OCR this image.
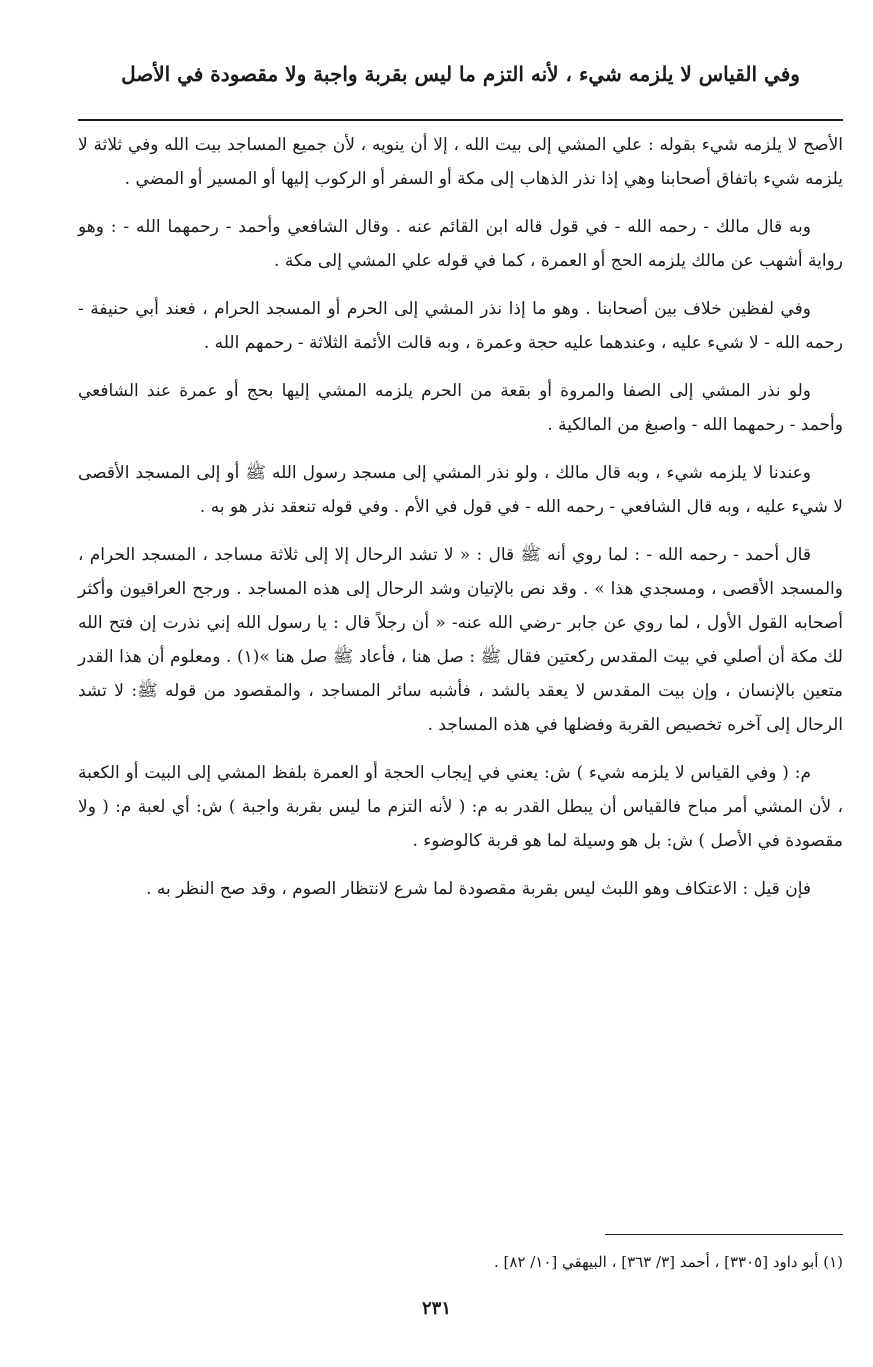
وفي القياس لا يلزمه شيء ، لأنه التزم ما ليس بقربة واجبة ولا مقصودة في الأصل

الأصح لا يلزمه شيء بقوله : علي المشي إلى بيت الله ، إلا أن ينويه ، لأن جميع المساجد بيت الله وفي ثلاثة لا يلزمه شيء باتفاق أصحابنا وهي إذا نذر الذهاب إلى مكة أو السفر أو الركوب إليها أو المسير أو المضي .

وبه قال مالك - رحمه الله - في قول قاله ابن القائم عنه . وقال الشافعي وأحمد - رحمهما الله - : وهو رواية أشهب عن مالك يلزمه الحج أو العمرة ، كما في قوله علي المشي إلى مكة .

وفي لفظين خلاف بين أصحابنا . وهو ما إذا نذر المشي إلى الحرم أو المسجد الحرام ، فعند أبي حنيفة - رحمه الله - لا شيء عليه ، وعندهما عليه حجة وعمرة ، وبه قالت الأئمة الثلاثة - رحمهم الله .

ولو نذر المشي إلى الصفا والمروة أو بقعة من الحرم يلزمه المشي إليها بحج أو عمرة عند الشافعي وأحمد - رحمهما الله - واصبغ من المالكية .

وعندنا لا يلزمه شيء ، وبه قال مالك ، ولو نذر المشي إلى مسجد رسول الله ﷺ أو إلى المسجد الأقصى لا شيء عليه ، وبه قال الشافعي - رحمه الله - في قول في الأم . وفي قوله تنعقد نذر هو به .

قال أحمد - رحمه الله - : لما روي أنه ﷺ قال : « لا تشد الرحال إلا إلى ثلاثة مساجد ، المسجد الحرام ، والمسجد الأقصى ، ومسجدي هذا » . وقد نص بالإتيان وشد الرحال إلى هذه المساجد . ورجح العراقيون وأكثر أصحابه القول الأول ، لما روي عن جابر -رضي الله عنه- « أن رجلاً قال : يا رسول الله إني نذرت إن فتح الله لك مكة أن أصلي في بيت المقدس ركعتين فقال ﷺ : صل هنا ، فأعاد ﷺ صل هنا »(١) . ومعلوم أن هذا القدر متعين بالإنسان ، وإن بيت المقدس لا يعقد بالشد ، فأشبه سائر المساجد ، والمقصود من قوله ﷺ: لا تشد الرحال إلى آخره تخصيص القربة وفضلها في هذه المساجد .

م: ( وفي القياس لا يلزمه شيء ) ش: يعني في إيجاب الحجة أو العمرة بلفظ المشي إلى البيت أو الكعبة ، لأن المشي أمر مباح فالقياس أن يبطل القدر به م: ( لأنه التزم ما ليس بقربة واجبة ) ش: أي لعبة م: ( ولا مقصودة في الأصل ) ش: بل هو وسيلة لما هو قربة كالوضوء .

فإن قيل : الاعتكاف وهو اللبث ليس بقربة مقصودة لما شرع لانتظار الصوم ، وقد صح النظر به .

(١) أبو داود [٣٣٠٥] ، أحمد [٣/ ٣٦٣] ، البيهقي [١٠/ ٨٢] .
٢٣١
